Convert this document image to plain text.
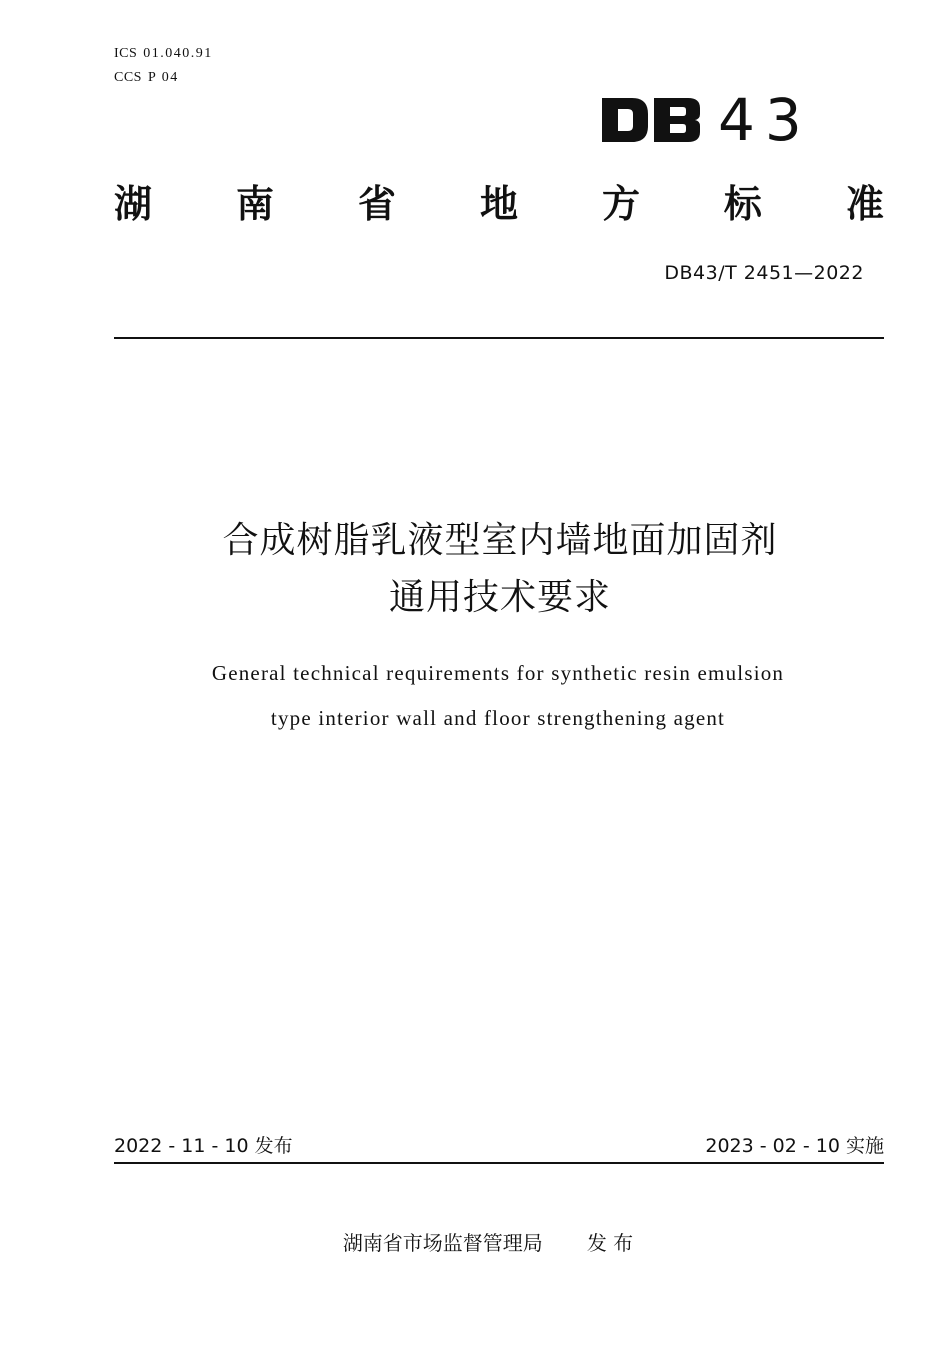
ICS 01.040.91
CCS P 04
43
湖 南 省 地 方 标 准
DB43/T 2451—2022
合成树脂乳液型室内墙地面加固剂
通用技术要求
General technical requirements for synthetic resin emulsion
type interior wall and floor strengthening agent
2022 - 11 - 10 发布	2023 - 02 - 10 实施
湖南省市场监督管理局 发 布
